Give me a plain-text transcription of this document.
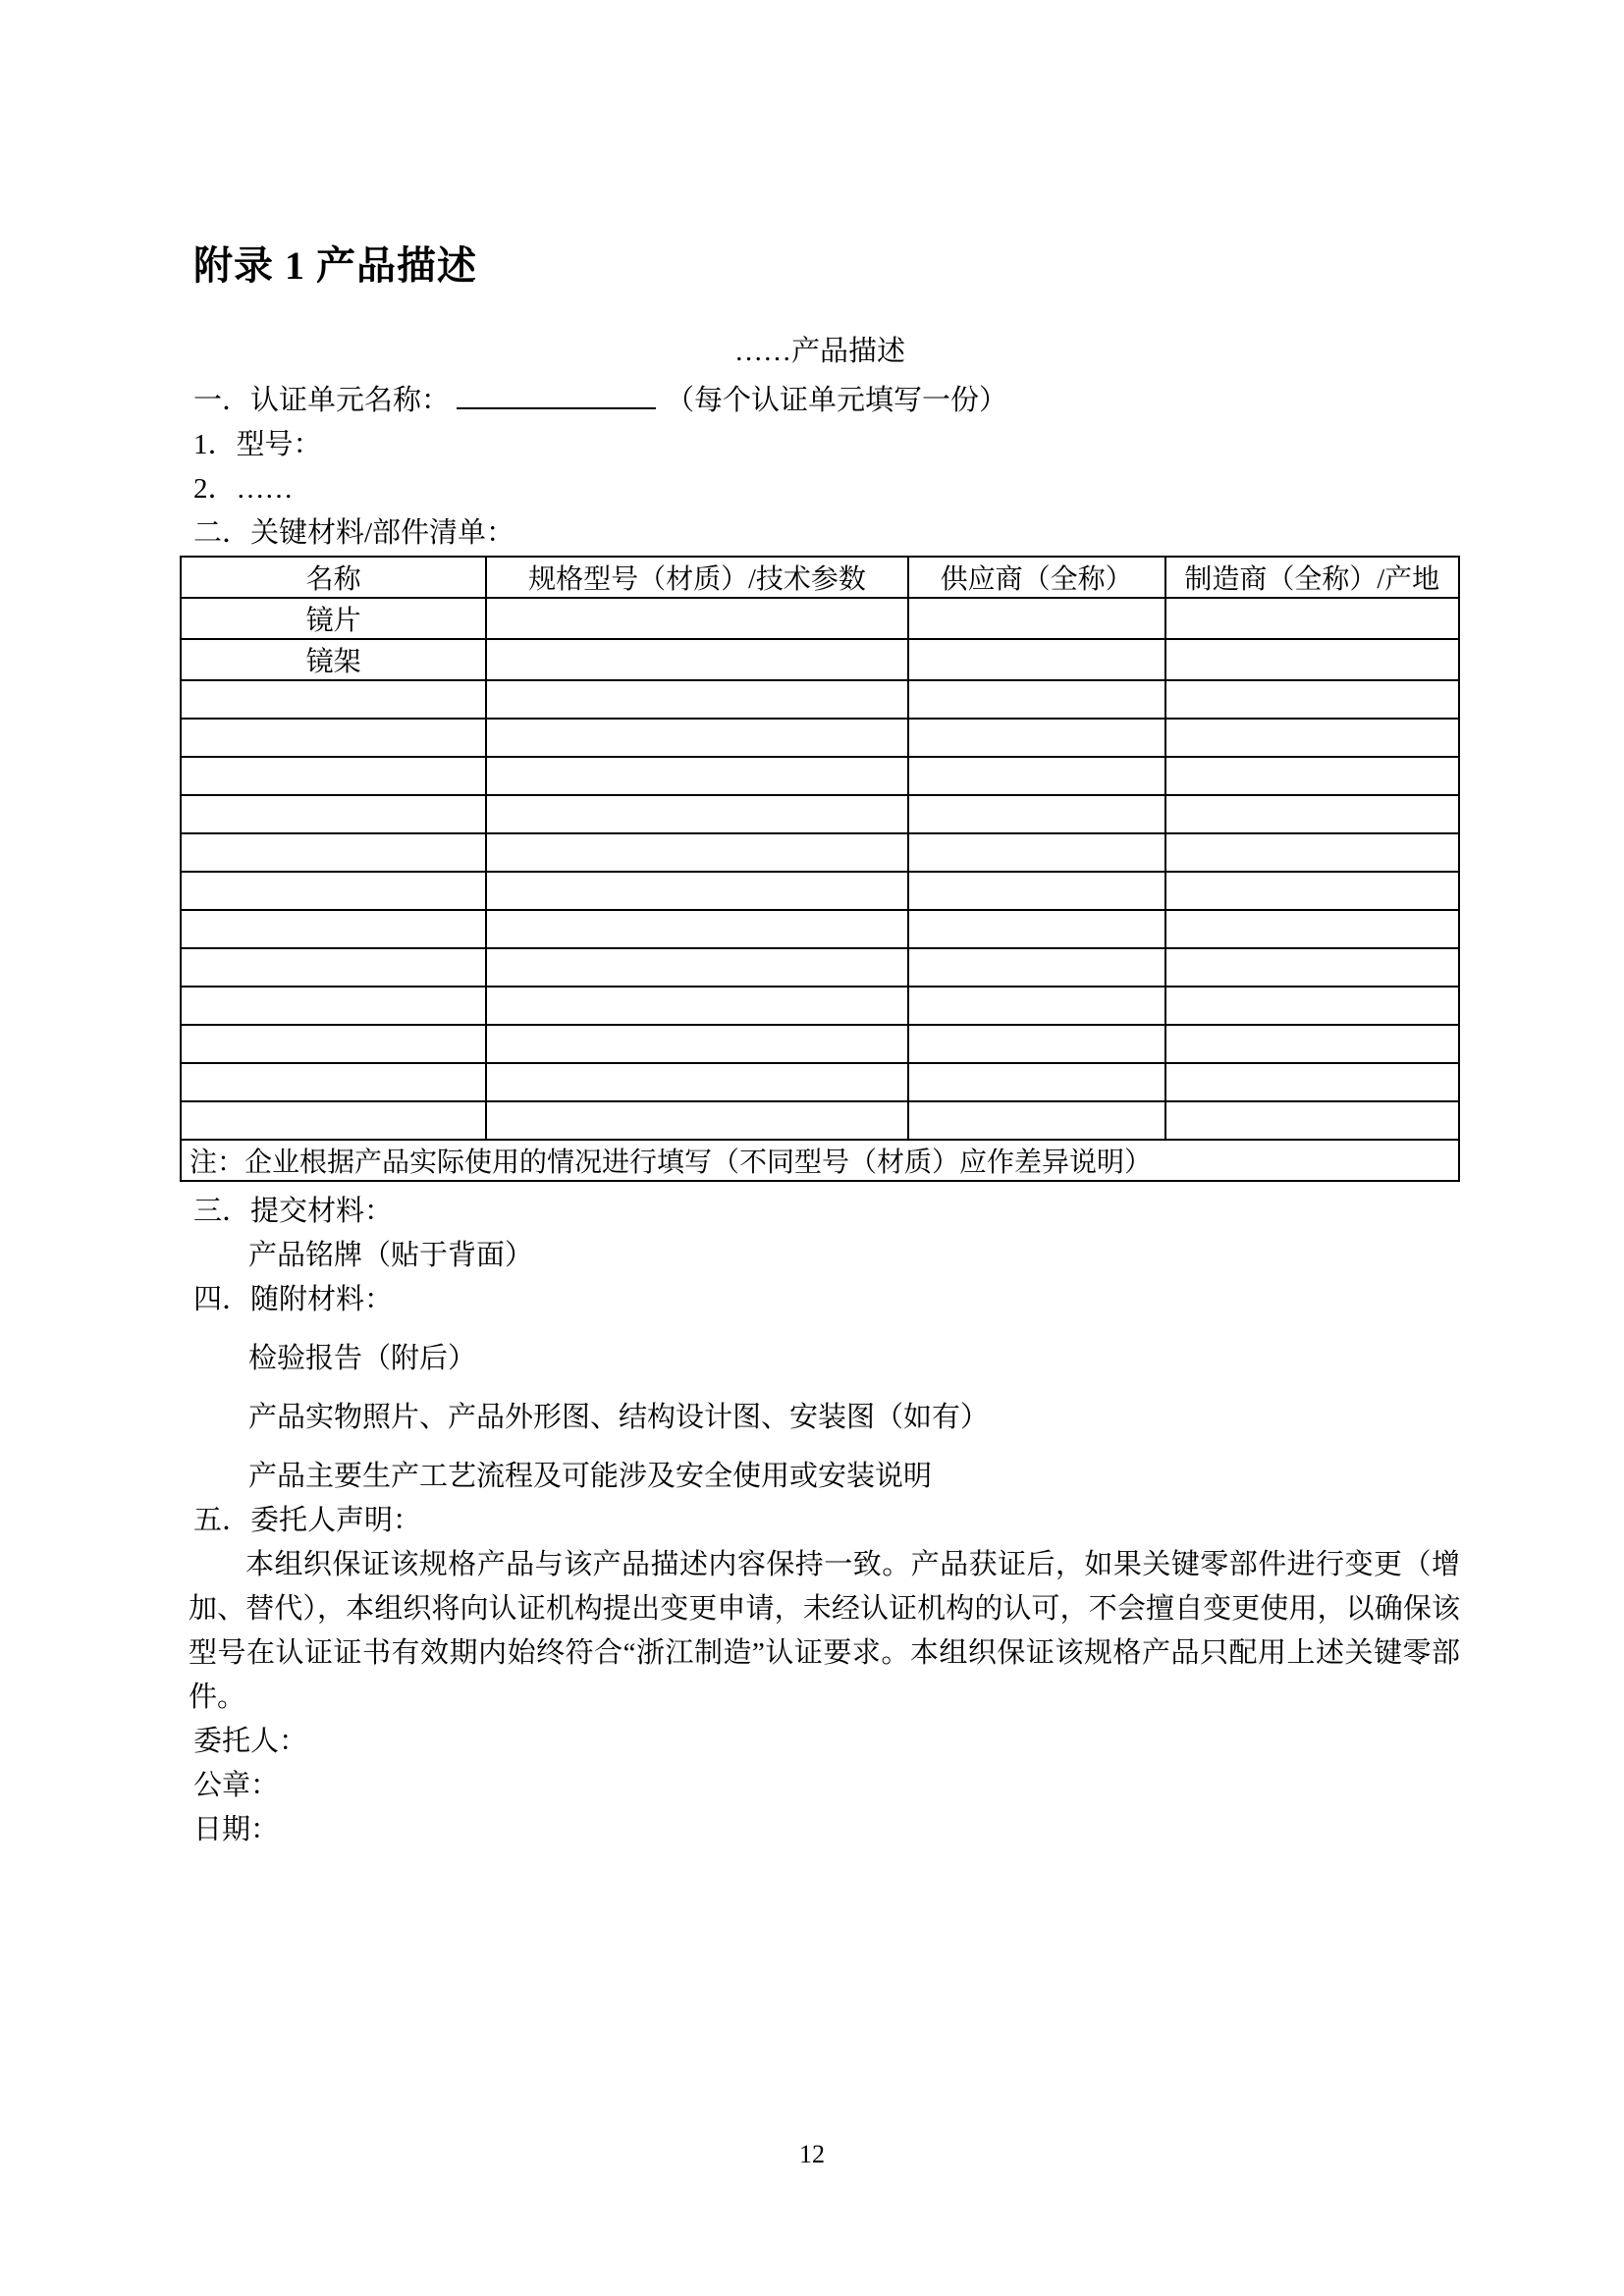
附录 1 产品描述
……产品描述
一．认证单元名称：	（每个认证单元填写一份）
1．型号：
2．……
二．关键材料/部件清单：
名称	规格型号（材质）/技术参数	供应商（全称）	制造商（全称）/产地
镜片			
镜架			

注：企业根据产品实际使用的情况进行填写（不同型号（材质）应作差异说明）			
三．提交材料：
产品铭牌（贴于背面）
四．随附材料：
检验报告（附后）
产品实物照片、产品外形图、结构设计图、安装图（如有）
产品主要生产工艺流程及可能涉及安全使用或安装说明
五．委托人声明：
本组织保证该规格产品与该产品描述内容保持一致。产品获证后，如果关键零部件进行变更（增加、替代），本组织将向认证机构提出变更申请，未经认证机构的认可，不会擅自变更使用，以确保该型号在认证证书有效期内始终符合“浙江制造”认证要求。本组织保证该规格产品只配用上述关键零部件。
委托人：
公章：
日期：
12
